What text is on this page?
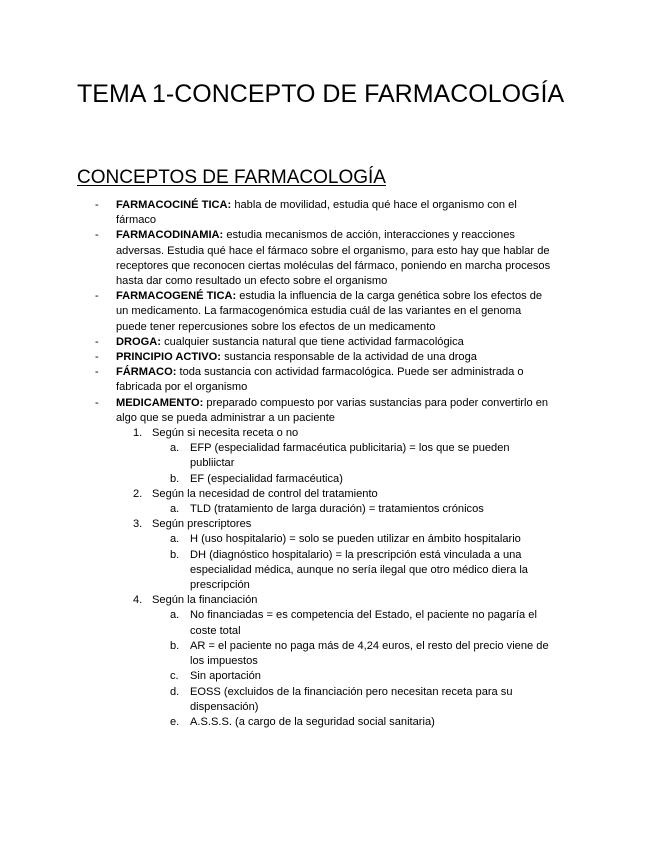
TEMA 1-CONCEPTO DE FARMACOLOGÍA
CONCEPTOS DE FARMACOLOGÍA
- FARMACOCINÉ TICA: habla de movilidad, estudia qué hace el organismo con el fármaco
- FARMACODINAMIA: estudia mecanismos de acción, interacciones y reacciones adversas. Estudia qué hace el fármaco sobre el organismo, para esto hay que hablar de receptores que reconocen ciertas moléculas del fármaco, poniendo en marcha procesos hasta dar como resultado un efecto sobre el organismo
- FARMACOGENÉ TICA: estudia la influencia de la carga genética sobre los efectos de un medicamento. La farmacogenómica estudia cuál de las variantes en el genoma puede tener repercusiones sobre los efectos de un medicamento
- DROGA: cualquier sustancia natural que tiene actividad farmacológica
- PRINCIPIO ACTIVO: sustancia responsable de la actividad de una droga
- FÁRMACO: toda sustancia con actividad farmacológica. Puede ser administrada o fabricada por el organismo
- MEDICAMENTO: preparado compuesto por varias sustancias para poder convertirlo en algo que se pueda administrar a un paciente
1. Según si necesita receta o no
a. EFP (especialidad farmacéutica publicitaria) = los que se pueden publiictar
b. EF (especialidad farmacéutica)
2. Según la necesidad de control del tratamiento
a. TLD (tratamiento de larga duración) = tratamientos crónicos
3. Según prescriptores
a. H (uso hospitalario) = solo se pueden utilizar en ámbito hospitalario
b. DH (diagnóstico hospitalario) = la prescripción está vinculada a una especialidad médica, aunque no sería ilegal que otro médico diera la prescripción
4. Según la financiación
a. No financiadas = es competencia del Estado, el paciente no pagaría el coste total
b. AR = el paciente no paga más de 4,24 euros, el resto del precio viene de los impuestos
c. Sin aportación
d. EOSS (excluidos de la financiación pero necesitan receta para su dispensación)
e. A.S.S.S. (a cargo de la seguridad social sanitaria)
